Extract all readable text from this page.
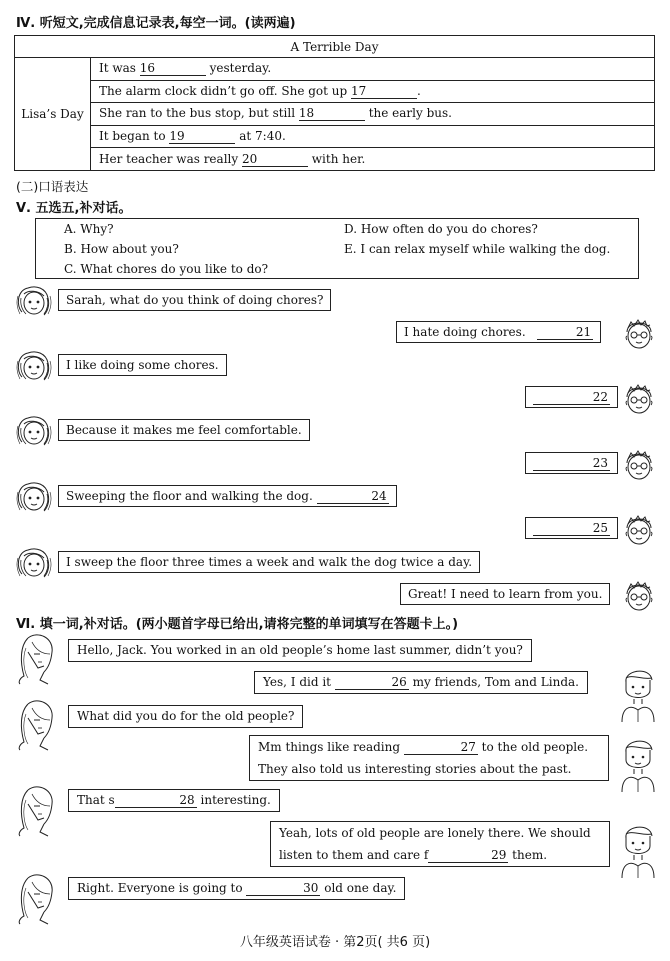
Ⅳ. 听短文,完成信息记录表,每空一词。(读两遍)
A Terrible Day
Lisa’s Day	It was 16	yesterday.
The alarm clock didn’t go off. She got up 17	.
She ran to the bus stop, but still 18	the early bus.
It began to 19	at 7:40.
Her teacher was really 20	with her.
(二)口语表达
Ⅴ. 五选五,补对话。
A. Why?
B. How about you?
C. What chores do you like to do?
D. How often do you do chores?
E. I can relax myself while walking the dog.
Sarah, what do you think of doing chores?
I hate doing chores.	21
I like doing some chores.
22
Because it makes me feel comfortable.
23
Sweeping the floor and walking the dog.	24
25
I sweep the floor three times a week and walk the dog twice a day.
Great! I need to learn from you.
Ⅵ. 填一词,补对话。(两小题首字母已给出,请将完整的单词填写在答题卡上。)
Hello, Jack. You worked in an old people’s home last summer, didn’t you?
Yes, I did it	26 my friends, Tom and Linda.
What did you do for the old people?
Mm things like reading	27 to the old people.
They also told us interesting stories about the past.
That s	28 interesting.
Yeah, lots of old people are lonely there. We should
listen to them and care f	29 them.
Right. Everyone is going to	30 old one day.
八年级英语试卷 · 第2页( 共6 页)
